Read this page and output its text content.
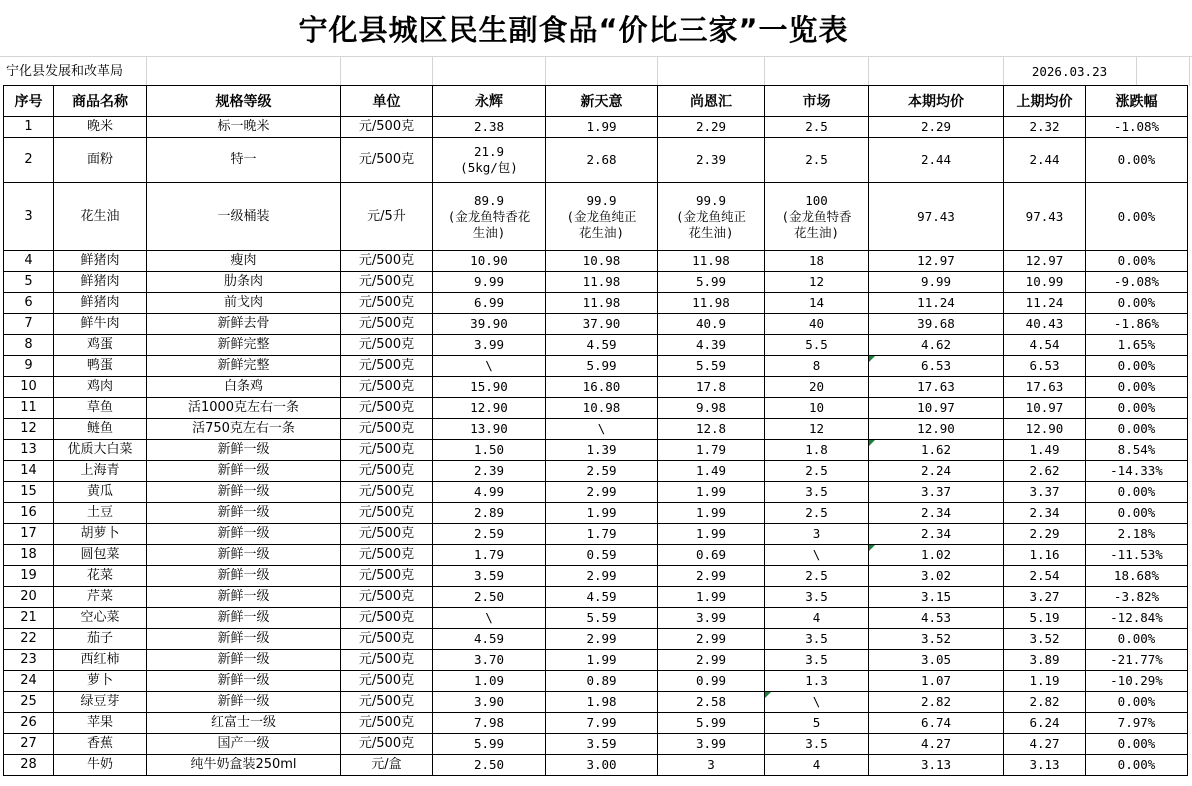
宁化县城区民生副食品“价比三家”一览表
宁化县发展和改革局	2026.03.23
序号	商品名称	规格等级	单位	永辉	新天意	尚恩汇	市场	本期均价	上期均价	涨跌幅
1	晚米	标一晚米	元/500克	2.38	1.99	2.29	2.5	2.29	2.32	-1.08%
2	面粉	特一	元/500克	21.9
(5kg/包)	2.68	2.39	2.5	2.44	2.44	0.00%
3	花生油	一级桶装	元/5升	89.9
(金龙鱼特香花
生油)	99.9
(金龙鱼纯正
花生油)	99.9
(金龙鱼纯正
花生油)	100
(金龙鱼特香
花生油)	97.43	97.43	0.00%
4	鲜猪肉	瘦肉	元/500克	10.90	10.98	11.98	18	12.97	12.97	0.00%
5	鲜猪肉	肋条肉	元/500克	9.99	11.98	5.99	12	9.99	10.99	-9.08%
6	鲜猪肉	前戈肉	元/500克	6.99	11.98	11.98	14	11.24	11.24	0.00%
7	鲜牛肉	新鲜去骨	元/500克	39.90	37.90	40.9	40	39.68	40.43	-1.86%
8	鸡蛋	新鲜完整	元/500克	3.99	4.59	4.39	5.5	4.62	4.54	1.65%
9	鸭蛋	新鲜完整	元/500克	\	5.99	5.59	8	6.53	6.53	0.00%
10	鸡肉	白条鸡	元/500克	15.90	16.80	17.8	20	17.63	17.63	0.00%
11	草鱼	活1000克左右一条	元/500克	12.90	10.98	9.98	10	10.97	10.97	0.00%
12	鲢鱼	活750克左右一条	元/500克	13.90	\	12.8	12	12.90	12.90	0.00%
13	优质大白菜	新鲜一级	元/500克	1.50	1.39	1.79	1.8	1.62	1.49	8.54%
14	上海青	新鲜一级	元/500克	2.39	2.59	1.49	2.5	2.24	2.62	-14.33%
15	黄瓜	新鲜一级	元/500克	4.99	2.99	1.99	3.5	3.37	3.37	0.00%
16	土豆	新鲜一级	元/500克	2.89	1.99	1.99	2.5	2.34	2.34	0.00%
17	胡萝卜	新鲜一级	元/500克	2.59	1.79	1.99	3	2.34	2.29	2.18%
18	圆包菜	新鲜一级	元/500克	1.79	0.59	0.69	\	1.02	1.16	-11.53%
19	花菜	新鲜一级	元/500克	3.59	2.99	2.99	2.5	3.02	2.54	18.68%
20	芹菜	新鲜一级	元/500克	2.50	4.59	1.99	3.5	3.15	3.27	-3.82%
21	空心菜	新鲜一级	元/500克	\	5.59	3.99	4	4.53	5.19	-12.84%
22	茄子	新鲜一级	元/500克	4.59	2.99	2.99	3.5	3.52	3.52	0.00%
23	西红柿	新鲜一级	元/500克	3.70	1.99	2.99	3.5	3.05	3.89	-21.77%
24	萝卜	新鲜一级	元/500克	1.09	0.89	0.99	1.3	1.07	1.19	-10.29%
25	绿豆芽	新鲜一级	元/500克	3.90	1.98	2.58	\	2.82	2.82	0.00%
26	苹果	红富士一级	元/500克	7.98	7.99	5.99	5	6.74	6.24	7.97%
27	香蕉	国产一级	元/500克	5.99	3.59	3.99	3.5	4.27	4.27	0.00%
28	牛奶	纯牛奶盒装250ml	元/盒	2.50	3.00	3	4	3.13	3.13	0.00%
